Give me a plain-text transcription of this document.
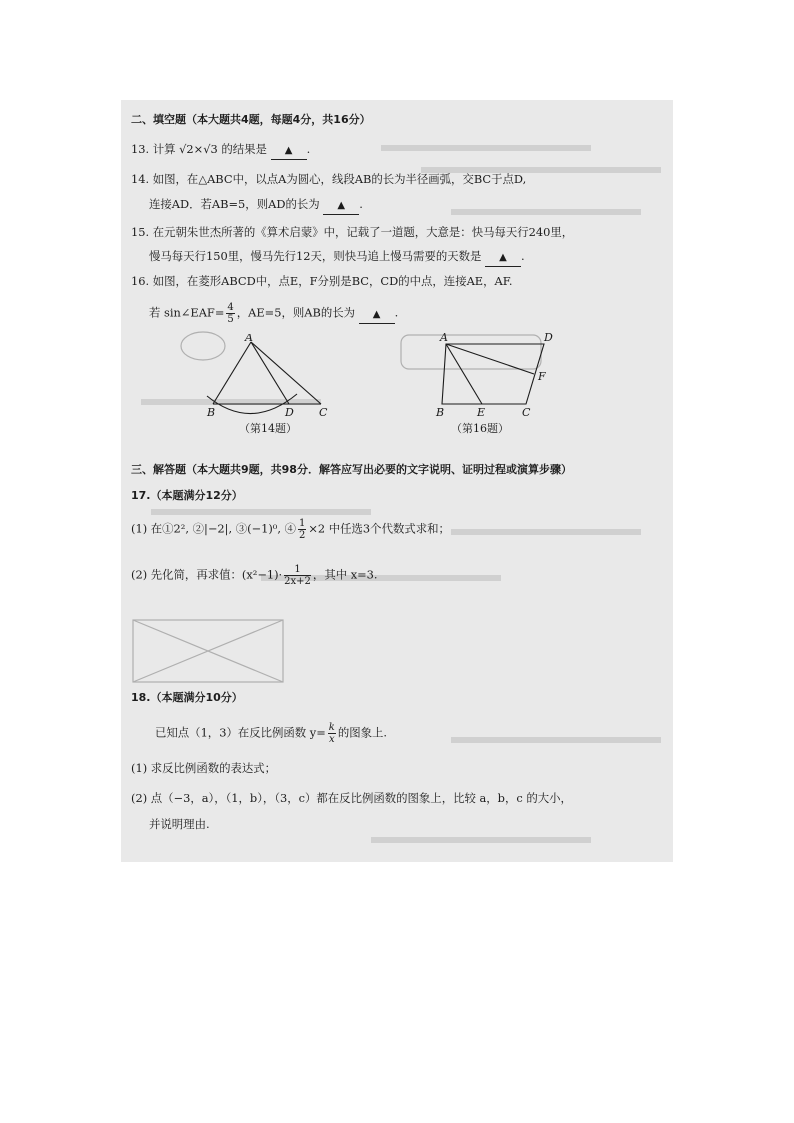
二、填空题（本大题共4题，每题4分，共16分）
13. 计算 √2×√3 的结果是 ▲ .
14. 如图，在△ABC中，以点A为圆心，线段AB的长为半径画弧，交BC于点D,
连接AD．若AB=5，则AD的长为 ▲ .
15. 在元朝朱世杰所著的《算术启蒙》中，记载了一道题，大意是：快马每天行240里，
慢马每天行150里，慢马先行12天，则快马追上慢马需要的天数是 ▲ .
16. 如图，在菱形ABCD中，点E，F分别是BC，CD的中点，连接AE，AF.
若 sin∠EAF= $\frac{4}{5}$ ，AE=5，则AB的长为 ▲ .
A
B	D C
（第14题）
A	D
F
B	E	C
（第16题）
三、解答题（本大题共9题，共98分．解答应写出必要的文字说明、证明过程或演算步骤）
17.（本题满分12分）
(1) 在①2², ②|−2|, ③(−1)⁰, ④ $\frac{1}{2} \times 2$ 中任选3个代数式求和；
(2) 先化简，再求值：$(x^2-1)\cdot \frac{1}{2x+2}$ ，其中 x=3.
18.（本题满分10分）
已知点（1，3）在反比例函数 $y= \frac{k}{x}$ 的图象上.
(1) 求反比例函数的表达式；
(2) 点（−3，a），（1，b），（3，c）都在反比例函数的图象上，比较 a，b，c 的大小，
并说明理由.
